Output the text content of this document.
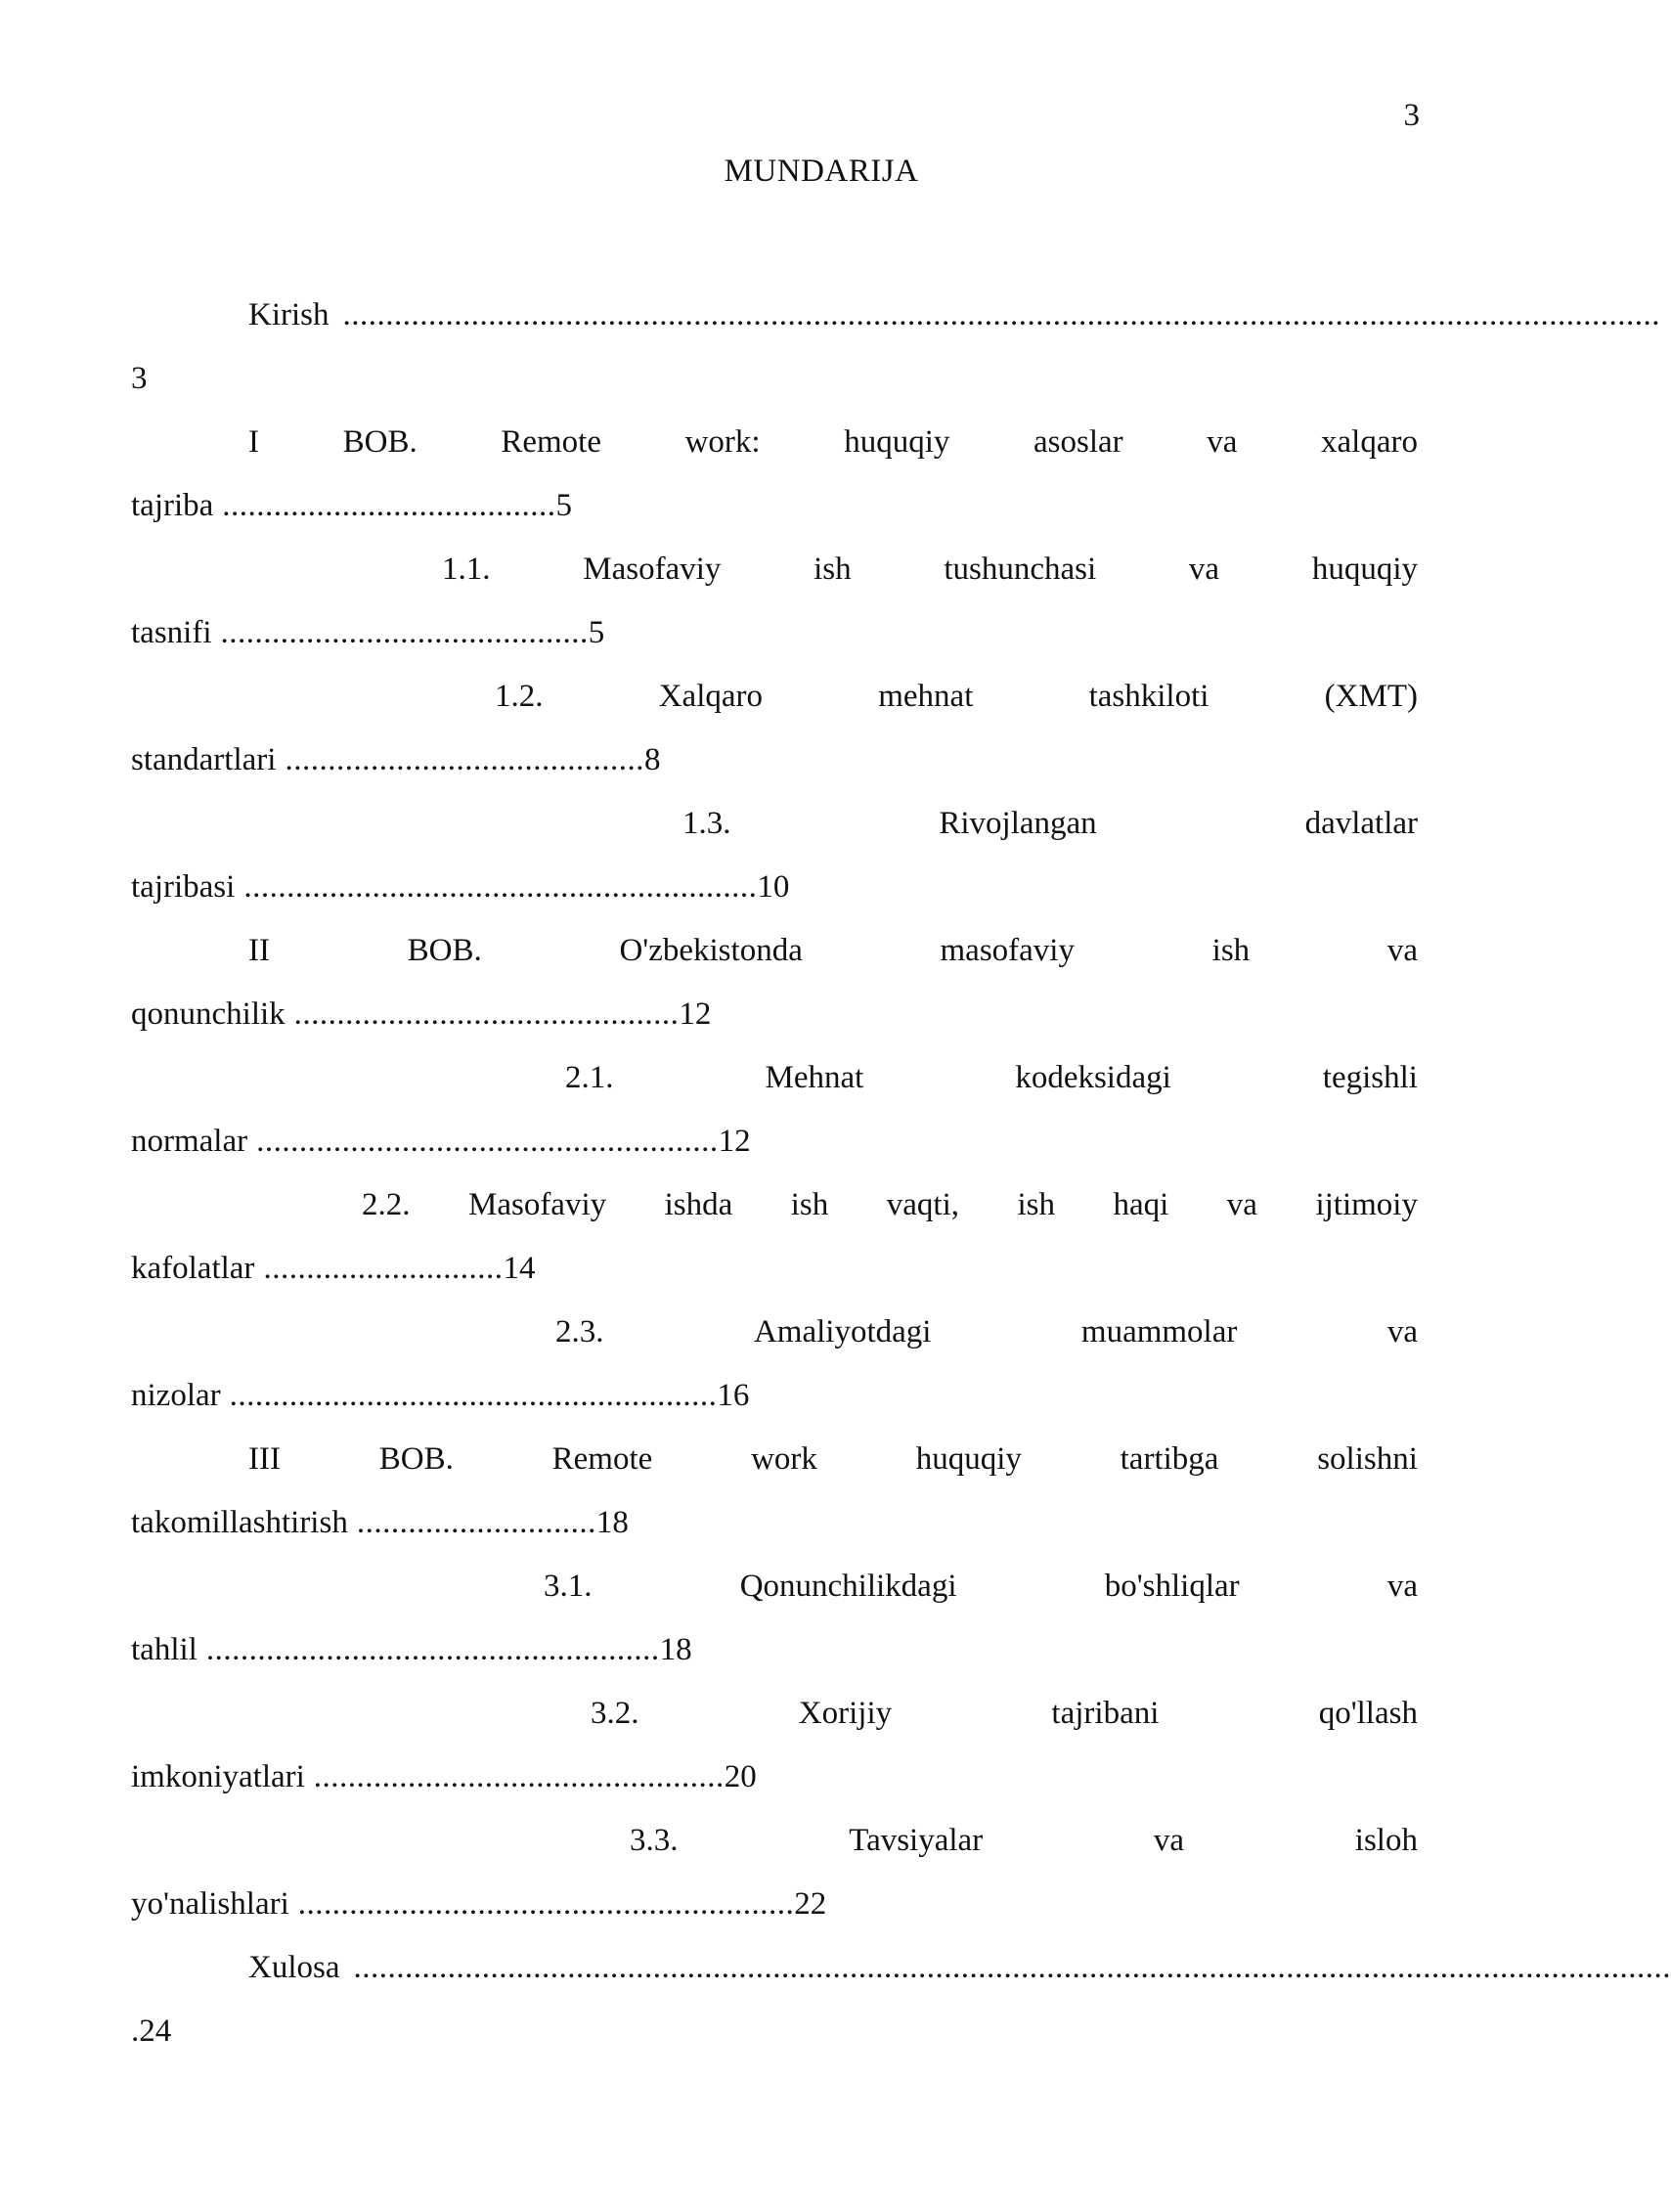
3
MUNDARIJA
Kirish ..........................................................................................................................................................
3
I	BOB.	Remote	work:	huquqiy	asoslar	va	xalqaro
tajriba ....................................... 5
1.1.	Masofaviy	ish	tushunchasi	va	huquqiy
tasnifi ........................................... 5
1.2.	Xalqaro	mehnat	tashkiloti	(XMT)
standartlari .......................................... 8
1.3.	Rivojlangan	davlatlar
tajribasi ............................................................ 10
II	BOB.	O'zbekistonda	masofaviy	ish	va
qonunchilik ............................................. 12
2.1.	Mehnat	kodeksidagi	tegishli
normalar ...................................................... 12
2.2. Masofaviy ishda ish vaqti, ish haqi va ijtimoiy
kafolatlar ............................ 14
2.3.	Amaliyotdagi	muammolar	va
nizolar ......................................................... 16
III	BOB.	Remote	work	huquqiy	tartibga	solishni
takomillashtirish ............................ 18
3.1.	Qonunchilikdagi	bo'shliqlar	va
tahlil ..................................................... 18
3.2.	Xorijiy	tajribani	qo'llash
imkoniyatlari ................................................ 20
3.3.	Tavsiyalar	va	isloh
yo'nalishlari .......................................................... 22
Xulosa ..........................................................................................................................................................
.24
